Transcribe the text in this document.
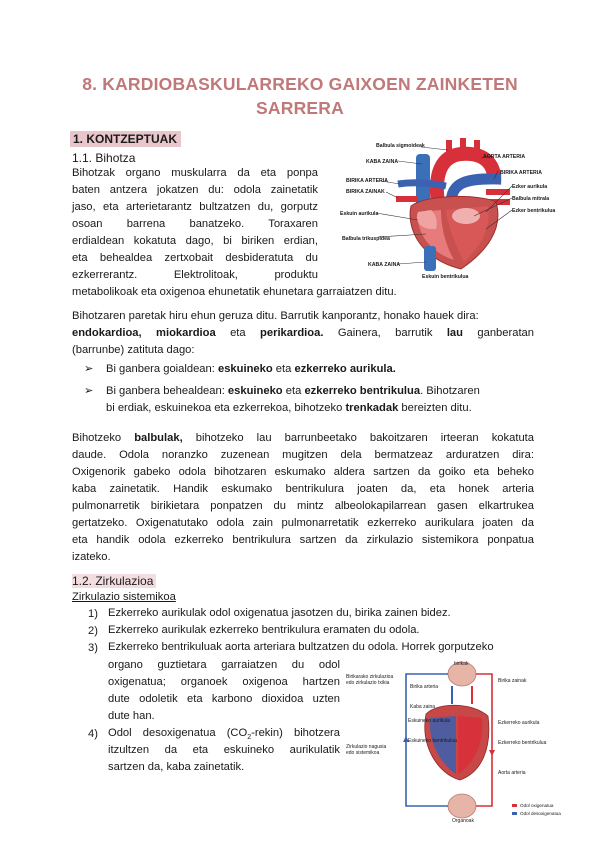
8. KARDIOBASKULARREKO GAIXOEN ZAINKETEN SARRERA
1. KONTZEPTUAK
1.1. Bihotza
Bihotzak organo muskularra da eta ponpa
baten antzera jokatzen du: odola zainetatik
jaso, eta arterietarantz bultzatzen du, gorputz
osoan barrena banatzeko. Toraxaren
erdialdean kokatuta dago, bi biriken erdian,
eta behealdea zertxobait desbideratuta du
ezkerrerantz. Elektrolitoak, produktu
metabolikoak eta oxigenoa ehunetatik ehunetara garraiatzen ditu.
Balbula sigmoideak
KABA ZAINA
AORTA ARTERIA
BIRIKA ARTERIA
BIRIKA ARTERIA
BIRIKA ZAINAK
Ezker aurikula
Balbula mitrala
Eskuin aurikula	Ezker bentrikulua
Balbula trikuspidea
KABA ZAINA
Eskuin bentrikulua
Bihotzaren paretak hiru ehun geruza ditu. Barrutik kanporantz, honako hauek dira:
endokardioa, miokardioa eta perikardioa. Gainera, barrutik lau ganberatan
(barrunbe) zatituta dago:
➢ Bi ganbera goialdean: eskuineko eta ezkerreko aurikula.
➢ Bi ganbera behealdean: eskuineko eta ezkerreko bentrikulua. Bihotzaren
bi erdiak, eskuinekoa eta ezkerrekoa, bihotzeko trenkadak bereizten ditu.
Bihotzeko balbulak, bihotzeko lau barrunbeetako bakoitzaren irteeran kokatuta
daude. Odola noranzko zuzenean mugitzen dela bermatzeaz arduratzen dira:
Oxigenorik gabeko odola bihotzaren eskumako aldera sartzen da goiko eta beheko
kaba zainetatik. Handik eskumako bentrikulura joaten da, eta honek arteria
pulmonarretik birikietara ponpatzen du mintz albeolokapilarrean gasen elkartrukea
gertatzeko. Oxigenatutako odola zain pulmonarretatik ezkerreko aurikulara joaten da
eta handik odola ezkerreko bentrikulura sartzen da zirkulazio sistemikora ponpatua
izateko.
1.2. Zirkulazioa
Zirkulazio sistemikoa
1) Ezkerreko aurikulak odol oxigenatua jasotzen du, birika zainen bidez.
2) Ezkerreko aurikulak ezkerreko bentrikulura eramaten du odola.
3) Ezkerreko bentrikuluak aorta arteriara bultzatzen du odola. Horrek gorputzeko
organo guztietara garraiatzen du odol
oxigenatua; organoek oxigenoa hartzen
dute odoletik eta karbono dioxidoa uzten
dute han.
4) Odol desoxigenatua $(CO_2-rekin)$ bihotzera
itzultzen da eta eskuineko aurikulatik
sartzen da, kaba zainetatik.
birikak
Birikarako zirkulazioa
edo zirkulazio txikia	Birika zainak
Birika arteria
Kaba zaina
Eskuineko aurikula
Eskuineko bentrikulua
Ezkerreko aurikula
Ezkerreko bentrikulua
Zirkulazio nagusia
edo sistemikoa
Aorta arteria
Organoak
Odol oxigenatua
Odol desoxigenatua
